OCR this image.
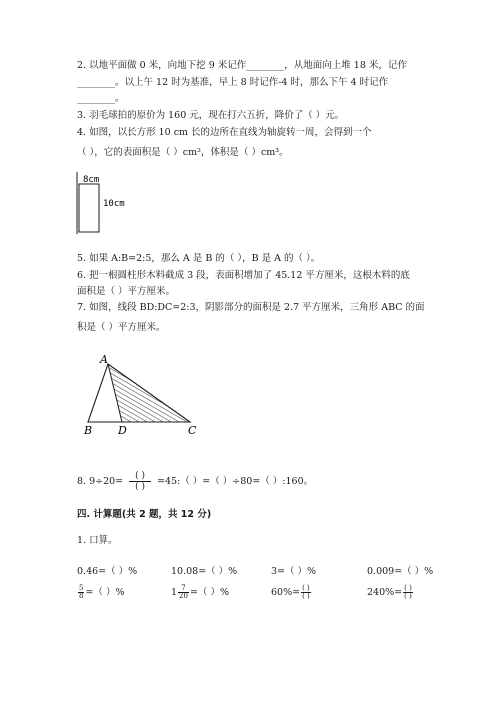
2. 以地平面做 0 米，向地下挖 9 米记作________，从地面向上堆 18 米，记作
________。以上午 12 时为基准，早上 8 时记作-4 时，那么下午 4 时记作
________。
3. 羽毛球拍的原价为 160 元，现在打六五折，降价了（ ）元。
4. 如图，以长方形 10 cm 长的边所在直线为轴旋转一周，会得到一个
（ ），它的表面积是（ ）cm²，体积是（ ）cm³。
8cm
10cm
5. 如果 A:B=2:5，那么 A 是 B 的（ ），B 是 A 的（ ）。
6. 把一根圆柱形木料截成 3 段，表面积增加了 45.12 平方厘米，这根木料的底
面积是（ ）平方厘米。
7. 如图，线段 BD:DC=2:3，阴影部分的面积是 2.7 平方厘米，三角形 ABC 的面
积是（ ）平方厘米。
A
B D	C
8. $9\div 20= \frac{( )}{( )}$ =45:（ ）=（ ）÷80=（ ）:160。
四. 计算题(共 2 题，共 12 分)
1. 口算。
0.46=（ ）%	10.08=（ ）%	3=（ ）%	0.009=（ ）%
$\frac{5}{8}$ =（ ）%	$1 \frac{7}{20}$ =（ ）%	$60\%= \frac{( )}{( )}$	$240\%= \frac{( )}{( )}$
